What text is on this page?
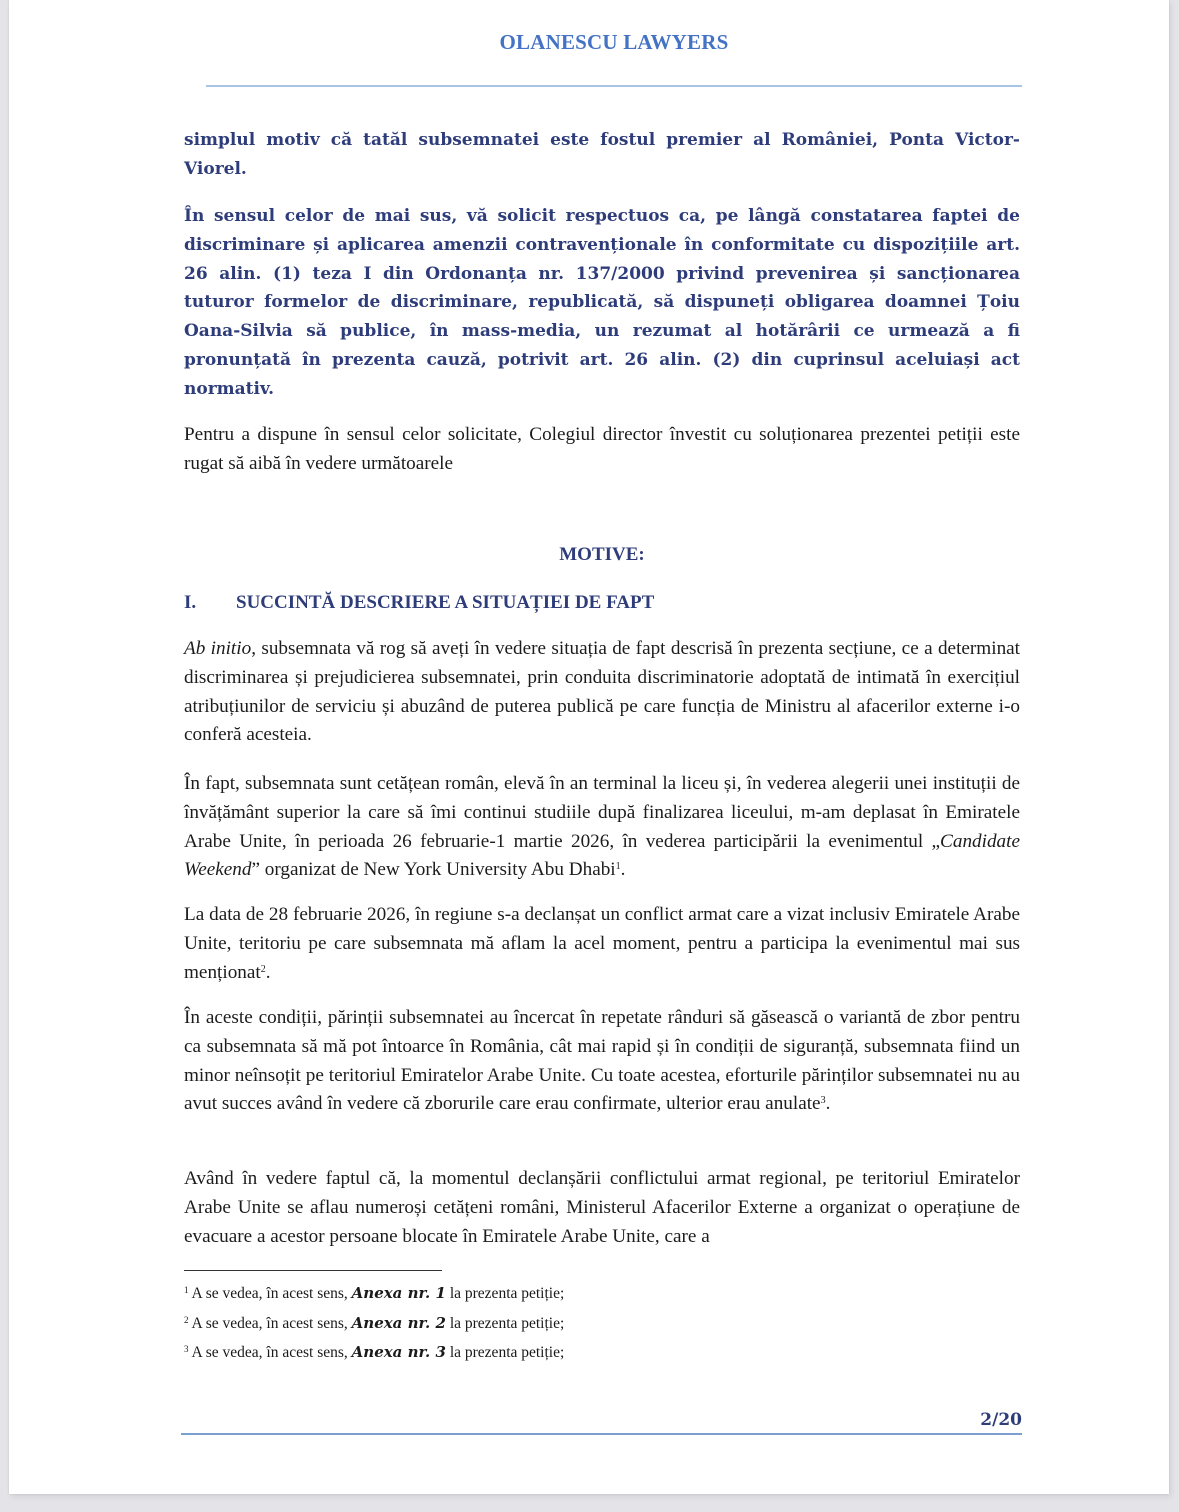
OLANESCU LAWYERS

simplul motiv că tatăl subsemnatei este fostul premier al României, Ponta Victor-Viorel.

În sensul celor de mai sus, vă solicit respectuos ca, pe lângă constatarea faptei de discriminare și aplicarea amenzii contravenționale în conformitate cu dispozițiile art. 26 alin. (1) teza I din Ordonanța nr. 137/2000 privind prevenirea și sancționarea tuturor formelor de discriminare, republicată, să dispuneți obligarea doamnei Țoiu Oana-Silvia să publice, în mass-media, un rezumat al hotărârii ce urmează a fi pronunțată în prezenta cauză, potrivit art. 26 alin. (2) din cuprinsul aceluiași act normativ.

Pentru a dispune în sensul celor solicitate, Colegiul director învestit cu soluționarea prezentei petiții este rugat să aibă în vedere următoarele

MOTIVE:
I. SUCCINTĂ DESCRIERE A SITUAȚIEI DE FAPT

Ab initio, subsemnata vă rog să aveți în vedere situația de fapt descrisă în prezenta secțiune, ce a determinat discriminarea și prejudicierea subsemnatei, prin conduita discriminatorie adoptată de intimată în exercițiul atribuțiunilor de serviciu și abuzând de puterea publică pe care funcția de Ministru al afacerilor externe i-o conferă acesteia.

În fapt, subsemnata sunt cetățean român, elevă în an terminal la liceu și, în vederea alegerii unei instituții de învățământ superior la care să îmi continui studiile după finalizarea liceului, m-am deplasat în Emiratele Arabe Unite, în perioada 26 februarie-1 martie 2026, în vederea participării la evenimentul „Candidate Weekend” organizat de New York University Abu Dhabi$^1$.

La data de 28 februarie 2026, în regiune s-a declanșat un conflict armat care a vizat inclusiv Emiratele Arabe Unite, teritoriu pe care subsemnata mă aflam la acel moment, pentru a participa la evenimentul mai sus menționat$^2$.

În aceste condiții, părinții subsemnatei au încercat în repetate rânduri să găsească o variantă de zbor pentru ca subsemnata să mă pot întoarce în România, cât mai rapid și în condiții de siguranță, subsemnata fiind un minor neînsoțit pe teritoriul Emiratelor Arabe Unite. Cu toate acestea, eforturile părinților subsemnatei nu au avut succes având în vedere că zborurile care erau confirmate, ulterior erau anulate$^3$.

Având în vedere faptul că, la momentul declanșării conflictului armat regional, pe teritoriul Emiratelor Arabe Unite se aflau numeroși cetățeni români, Ministerul Afacerilor Externe a organizat o operațiune de evacuare a acestor persoane blocate în Emiratele Arabe Unite, care a

$^1$ A se vedea, în acest sens, Anexa nr. 1 la prezenta petiție;
$^2$ A se vedea, în acest sens, Anexa nr. 2 la prezenta petiție;
$^3$ A se vedea, în acest sens, Anexa nr. 3 la prezenta petiție;
2/20
